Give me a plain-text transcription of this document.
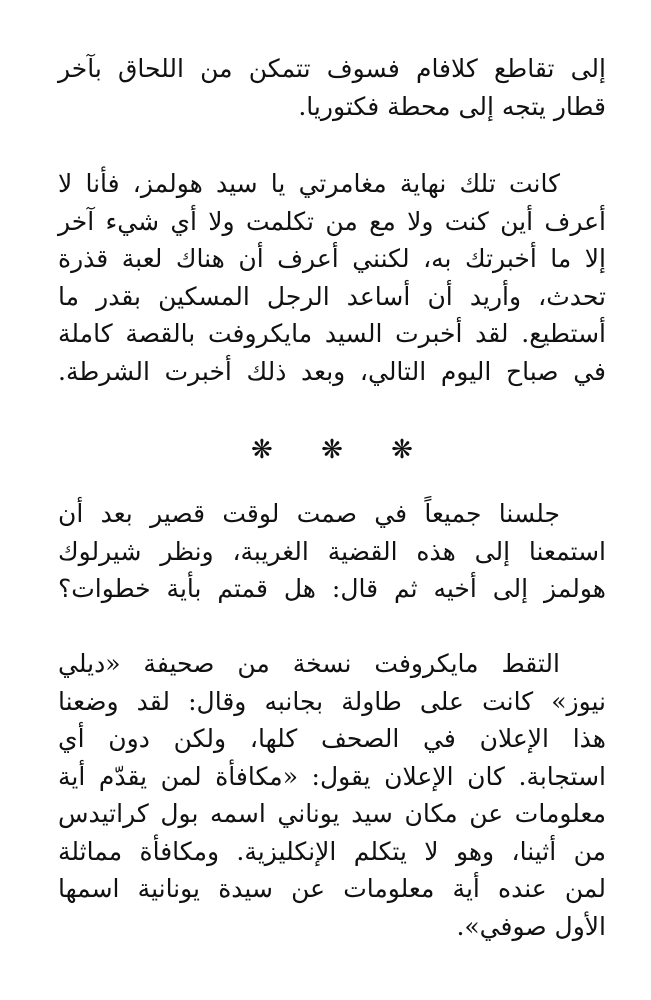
إلى تقاطع كلافام فسوف تتمكن من اللحاق بآخر
قطار يتجه إلى محطة فكتوريا.
كانت تلك نهاية مغامرتي يا سيد هولمز، فأنا لا
أعرف أين كنت ولا مع من تكلمت ولا أي شيء آخر
إلا ما أخبرتك به، لكنني أعرف أن هناك لعبة قذرة
تحدث، وأريد أن أساعد الرجل المسكين بقدر ما
أستطيع. لقد أخبرت السيد مايكروفت بالقصة كاملة
في صباح اليوم التالي، وبعد ذلك أخبرت الشرطة.
❋ ❋ ❋
جلسنا جميعاً في صمت لوقت قصير بعد أن
استمعنا إلى هذه القضية الغريبة، ونظر شيرلوك
هولمز إلى أخيه ثم قال: هل قمتم بأية خطوات؟
التقط مايكروفت نسخة من صحيفة «ديلي
نيوز» كانت على طاولة بجانبه وقال: لقد وضعنا
هذا الإعلان في الصحف كلها، ولكن دون أي
استجابة. كان الإعلان يقول: «مكافأة لمن يقدّم أية
معلومات عن مكان سيد يوناني اسمه بول كراتيدس
من أثينا، وهو لا يتكلم الإنكليزية. ومكافأة مماثلة
لمن عنده أية معلومات عن سيدة يونانية اسمها
الأول صوفي».
